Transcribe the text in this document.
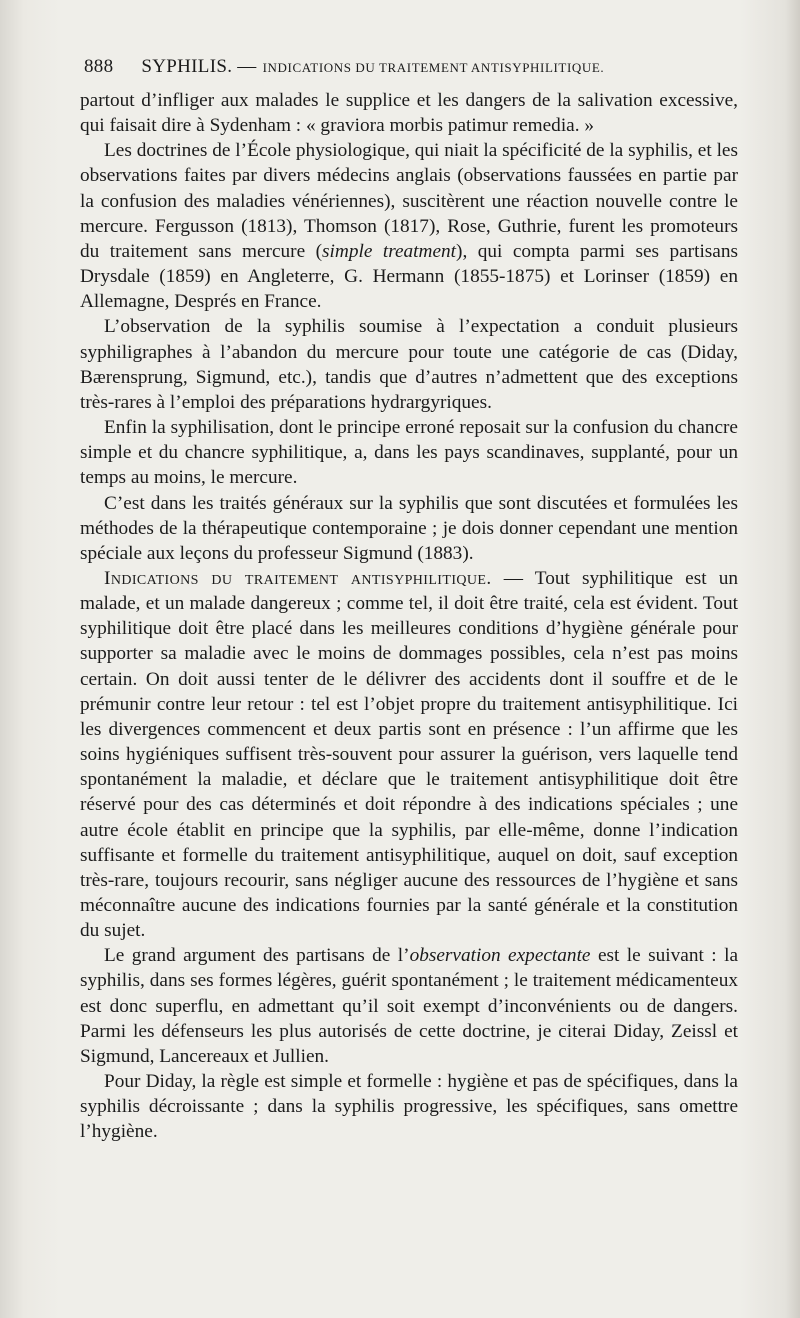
888 SYPHILIS. — INDICATIONS DU TRAITEMENT ANTISYPHILITIQUE.

partout d’infliger aux malades le supplice et les dangers de la salivation excessive, qui faisait dire à Sydenham : « graviora morbis patimur remedia. »

Les doctrines de l’École physiologique, qui niait la spécificité de la syphilis, et les observations faites par divers médecins anglais (observations faussées en partie par la confusion des maladies vénériennes), suscitèrent une réaction nouvelle contre le mercure. Fergusson (1813), Thomson (1817), Rose, Guthrie, furent les promoteurs du traitement sans mercure (simple treatment), qui compta parmi ses partisans Drysdale (1859) en Angleterre, G. Hermann (1855-1875) et Lorinser (1859) en Allemagne, Després en France.

L’observation de la syphilis soumise à l’expectation a conduit plusieurs syphiligraphes à l’abandon du mercure pour toute une catégorie de cas (Diday, Bærensprung, Sigmund, etc.), tandis que d’autres n’admettent que des exceptions très-rares à l’emploi des préparations hydrargyriques.

Enfin la syphilisation, dont le principe erroné reposait sur la confusion du chancre simple et du chancre syphilitique, a, dans les pays scandinaves, supplanté, pour un temps au moins, le mercure.

C’est dans les traités généraux sur la syphilis que sont discutées et formulées les méthodes de la thérapeutique contemporaine ; je dois donner cependant une mention spéciale aux leçons du professeur Sigmund (1883).

Indications du traitement antisyphilitique. — Tout syphilitique est un malade, et un malade dangereux ; comme tel, il doit être traité, cela est évident. Tout syphilitique doit être placé dans les meilleures conditions d’hygiène générale pour supporter sa maladie avec le moins de dommages possibles, cela n’est pas moins certain. On doit aussi tenter de le délivrer des accidents dont il souffre et de le prémunir contre leur retour : tel est l’objet propre du traitement antisyphilitique. Ici les divergences commencent et deux partis sont en présence : l’un affirme que les soins hygiéniques suffisent très-souvent pour assurer la guérison, vers laquelle tend spontanément la maladie, et déclare que le traitement antisyphilitique doit être réservé pour des cas déterminés et doit répondre à des indications spéciales ; une autre école établit en principe que la syphilis, par elle-même, donne l’indication suffisante et formelle du traitement antisyphilitique, auquel on doit, sauf exception très-rare, toujours recourir, sans négliger aucune des ressources de l’hygiène et sans méconnaître aucune des indications fournies par la santé générale et la constitution du sujet.

Le grand argument des partisans de l’observation expectante est le suivant : la syphilis, dans ses formes légères, guérit spontanément ; le traitement médicamenteux est donc superflu, en admettant qu’il soit exempt d’inconvénients ou de dangers. Parmi les défenseurs les plus autorisés de cette doctrine, je citerai Diday, Zeissl et Sigmund, Lancereaux et Jullien.

Pour Diday, la règle est simple et formelle : hygiène et pas de spécifiques, dans la syphilis décroissante ; dans la syphilis progressive, les spécifiques, sans omettre l’hygiène.
